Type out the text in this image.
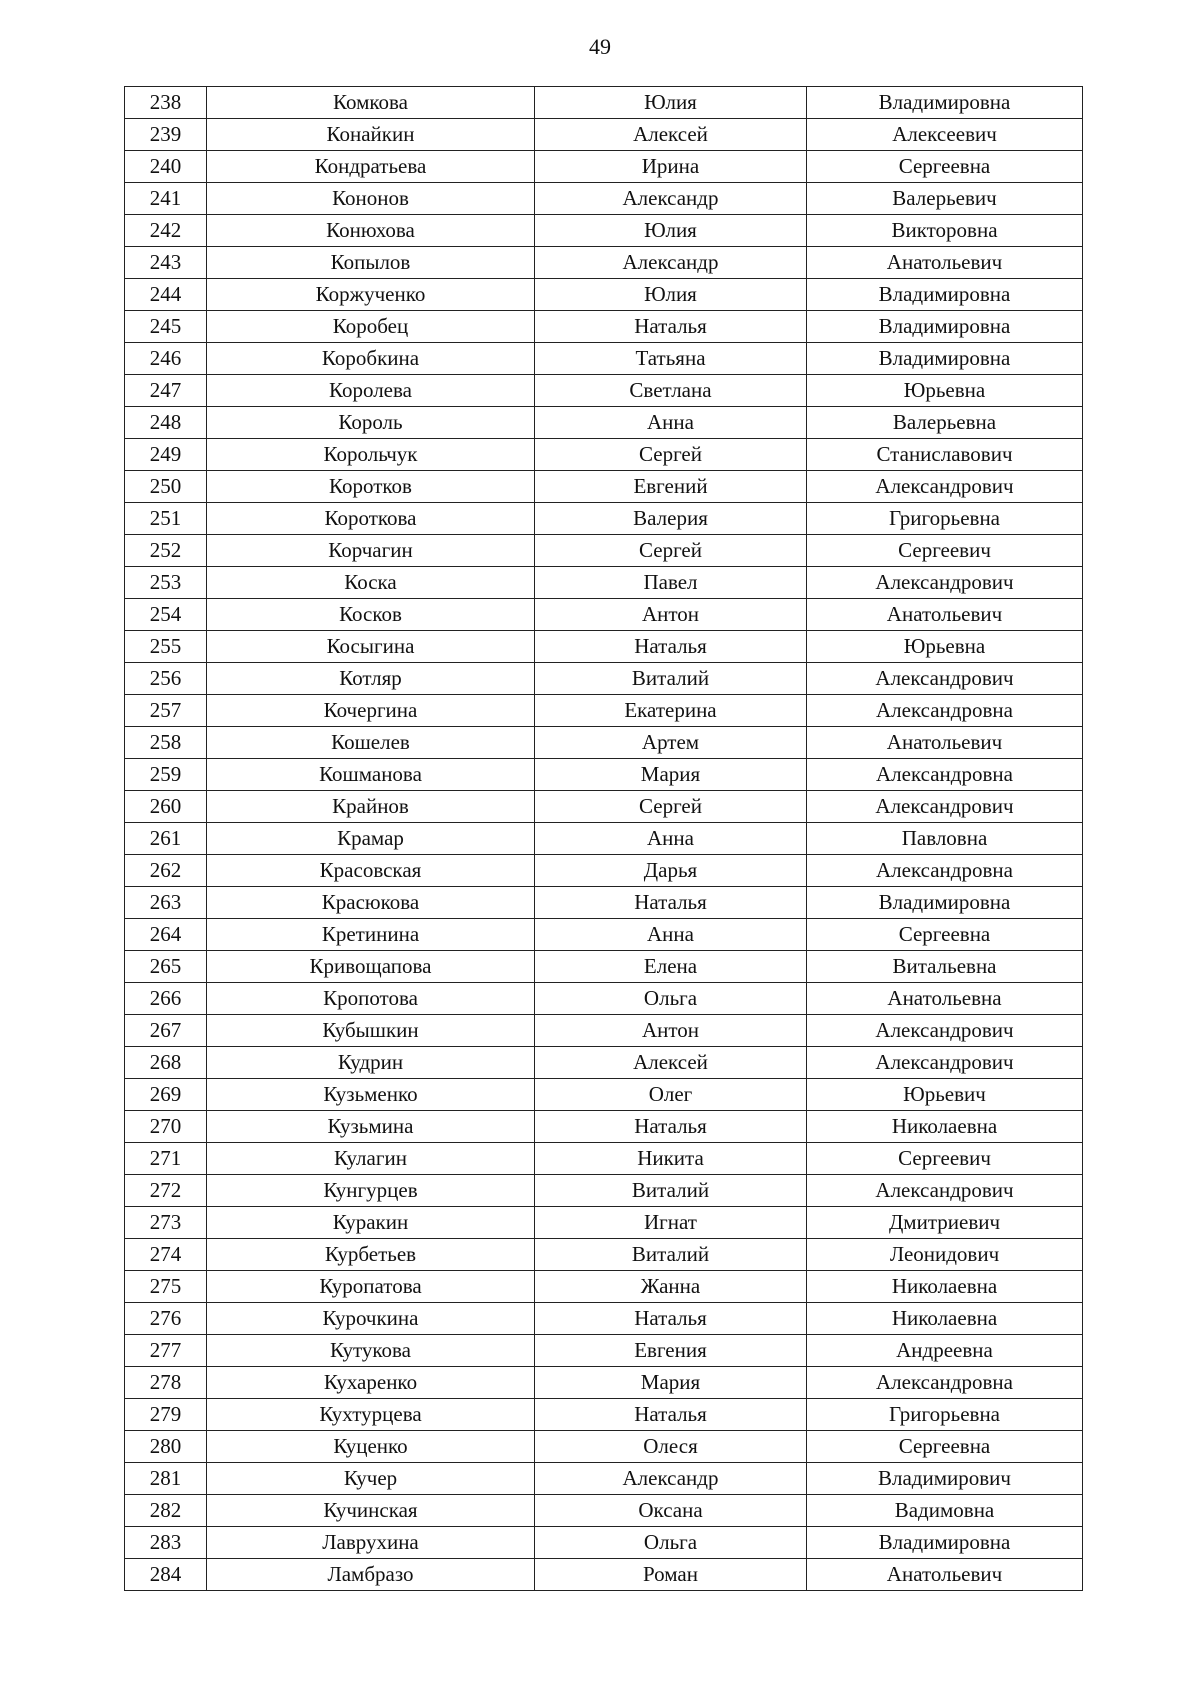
49
238	Комкова	Юлия	Владимировна
239	Конайкин	Алексей	Алексеевич
240	Кондратьева	Ирина	Сергеевна
241	Кононов	Александр	Валерьевич
242	Конюхова	Юлия	Викторовна
243	Копылов	Александр	Анатольевич
244	Коржученко	Юлия	Владимировна
245	Коробец	Наталья	Владимировна
246	Коробкина	Татьяна	Владимировна
247	Королева	Светлана	Юрьевна
248	Король	Анна	Валерьевна
249	Корольчук	Сергей	Станиславович
250	Коротков	Евгений	Александрович
251	Короткова	Валерия	Григорьевна
252	Корчагин	Сергей	Сергеевич
253	Коска	Павел	Александрович
254	Косков	Антон	Анатольевич
255	Косыгина	Наталья	Юрьевна
256	Котляр	Виталий	Александрович
257	Кочергина	Екатерина	Александровна
258	Кошелев	Артем	Анатольевич
259	Кошманова	Мария	Александровна
260	Крайнов	Сергей	Александрович
261	Крамар	Анна	Павловна
262	Красовская	Дарья	Александровна
263	Красюкова	Наталья	Владимировна
264	Кретинина	Анна	Сергеевна
265	Кривощапова	Елена	Витальевна
266	Кропотова	Ольга	Анатольевна
267	Кубышкин	Антон	Александрович
268	Кудрин	Алексей	Александрович
269	Кузьменко	Олег	Юрьевич
270	Кузьмина	Наталья	Николаевна
271	Кулагин	Никита	Сергеевич
272	Кунгурцев	Виталий	Александрович
273	Куракин	Игнат	Дмитриевич
274	Курбетьев	Виталий	Леонидович
275	Куропатова	Жанна	Николаевна
276	Курочкина	Наталья	Николаевна
277	Кутукова	Евгения	Андреевна
278	Кухаренко	Мария	Александровна
279	Кухтурцева	Наталья	Григорьевна
280	Куценко	Олеся	Сергеевна
281	Кучер	Александр	Владимирович
282	Кучинская	Оксана	Вадимовна
283	Лаврухина	Ольга	Владимировна
284	Ламбразо	Роман	Анатольевич
